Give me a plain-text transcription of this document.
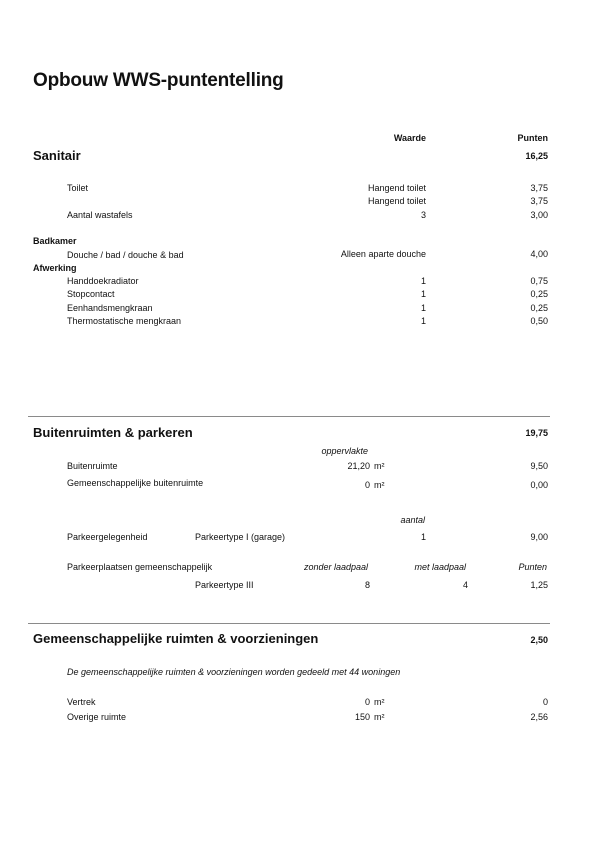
Opbouw WWS-puntentelling
Waarde	Punten
Sanitair	16,25
Toilet	Hangend toilet	3,75
Hangend toilet	3,75
Aantal wastafels	3	3,00
Badkamer
Douche / bad / douche & bad	Alleen aparte douche	4,00
Afwerking
Handdoekradiator	1	0,75
Stopcontact	1	0,25
Eenhandsmengkraan	1	0,25
Thermostatische mengkraan	1	0,50
Buitenruimten & parkeren	19,75
oppervlakte
Buitenruimte	21,20 m²	9,50
Gemeenschappelijke buitenruimte	0 m²	0,00
aantal
Parkeergelegenheid	Parkeertype I (garage)	1	9,00
Parkeerplaatsen gemeenschappelijk	zonder laadpaal	met laadpaal	Punten
Parkeertype III	8	4	1,25
Gemeenschappelijke ruimten & voorzieningen	2,50
De gemeenschappelijke ruimten & voorzieningen worden gedeeld met 44 woningen
Vertrek	0 m²	0
Overige ruimte	150 m²	2,56
